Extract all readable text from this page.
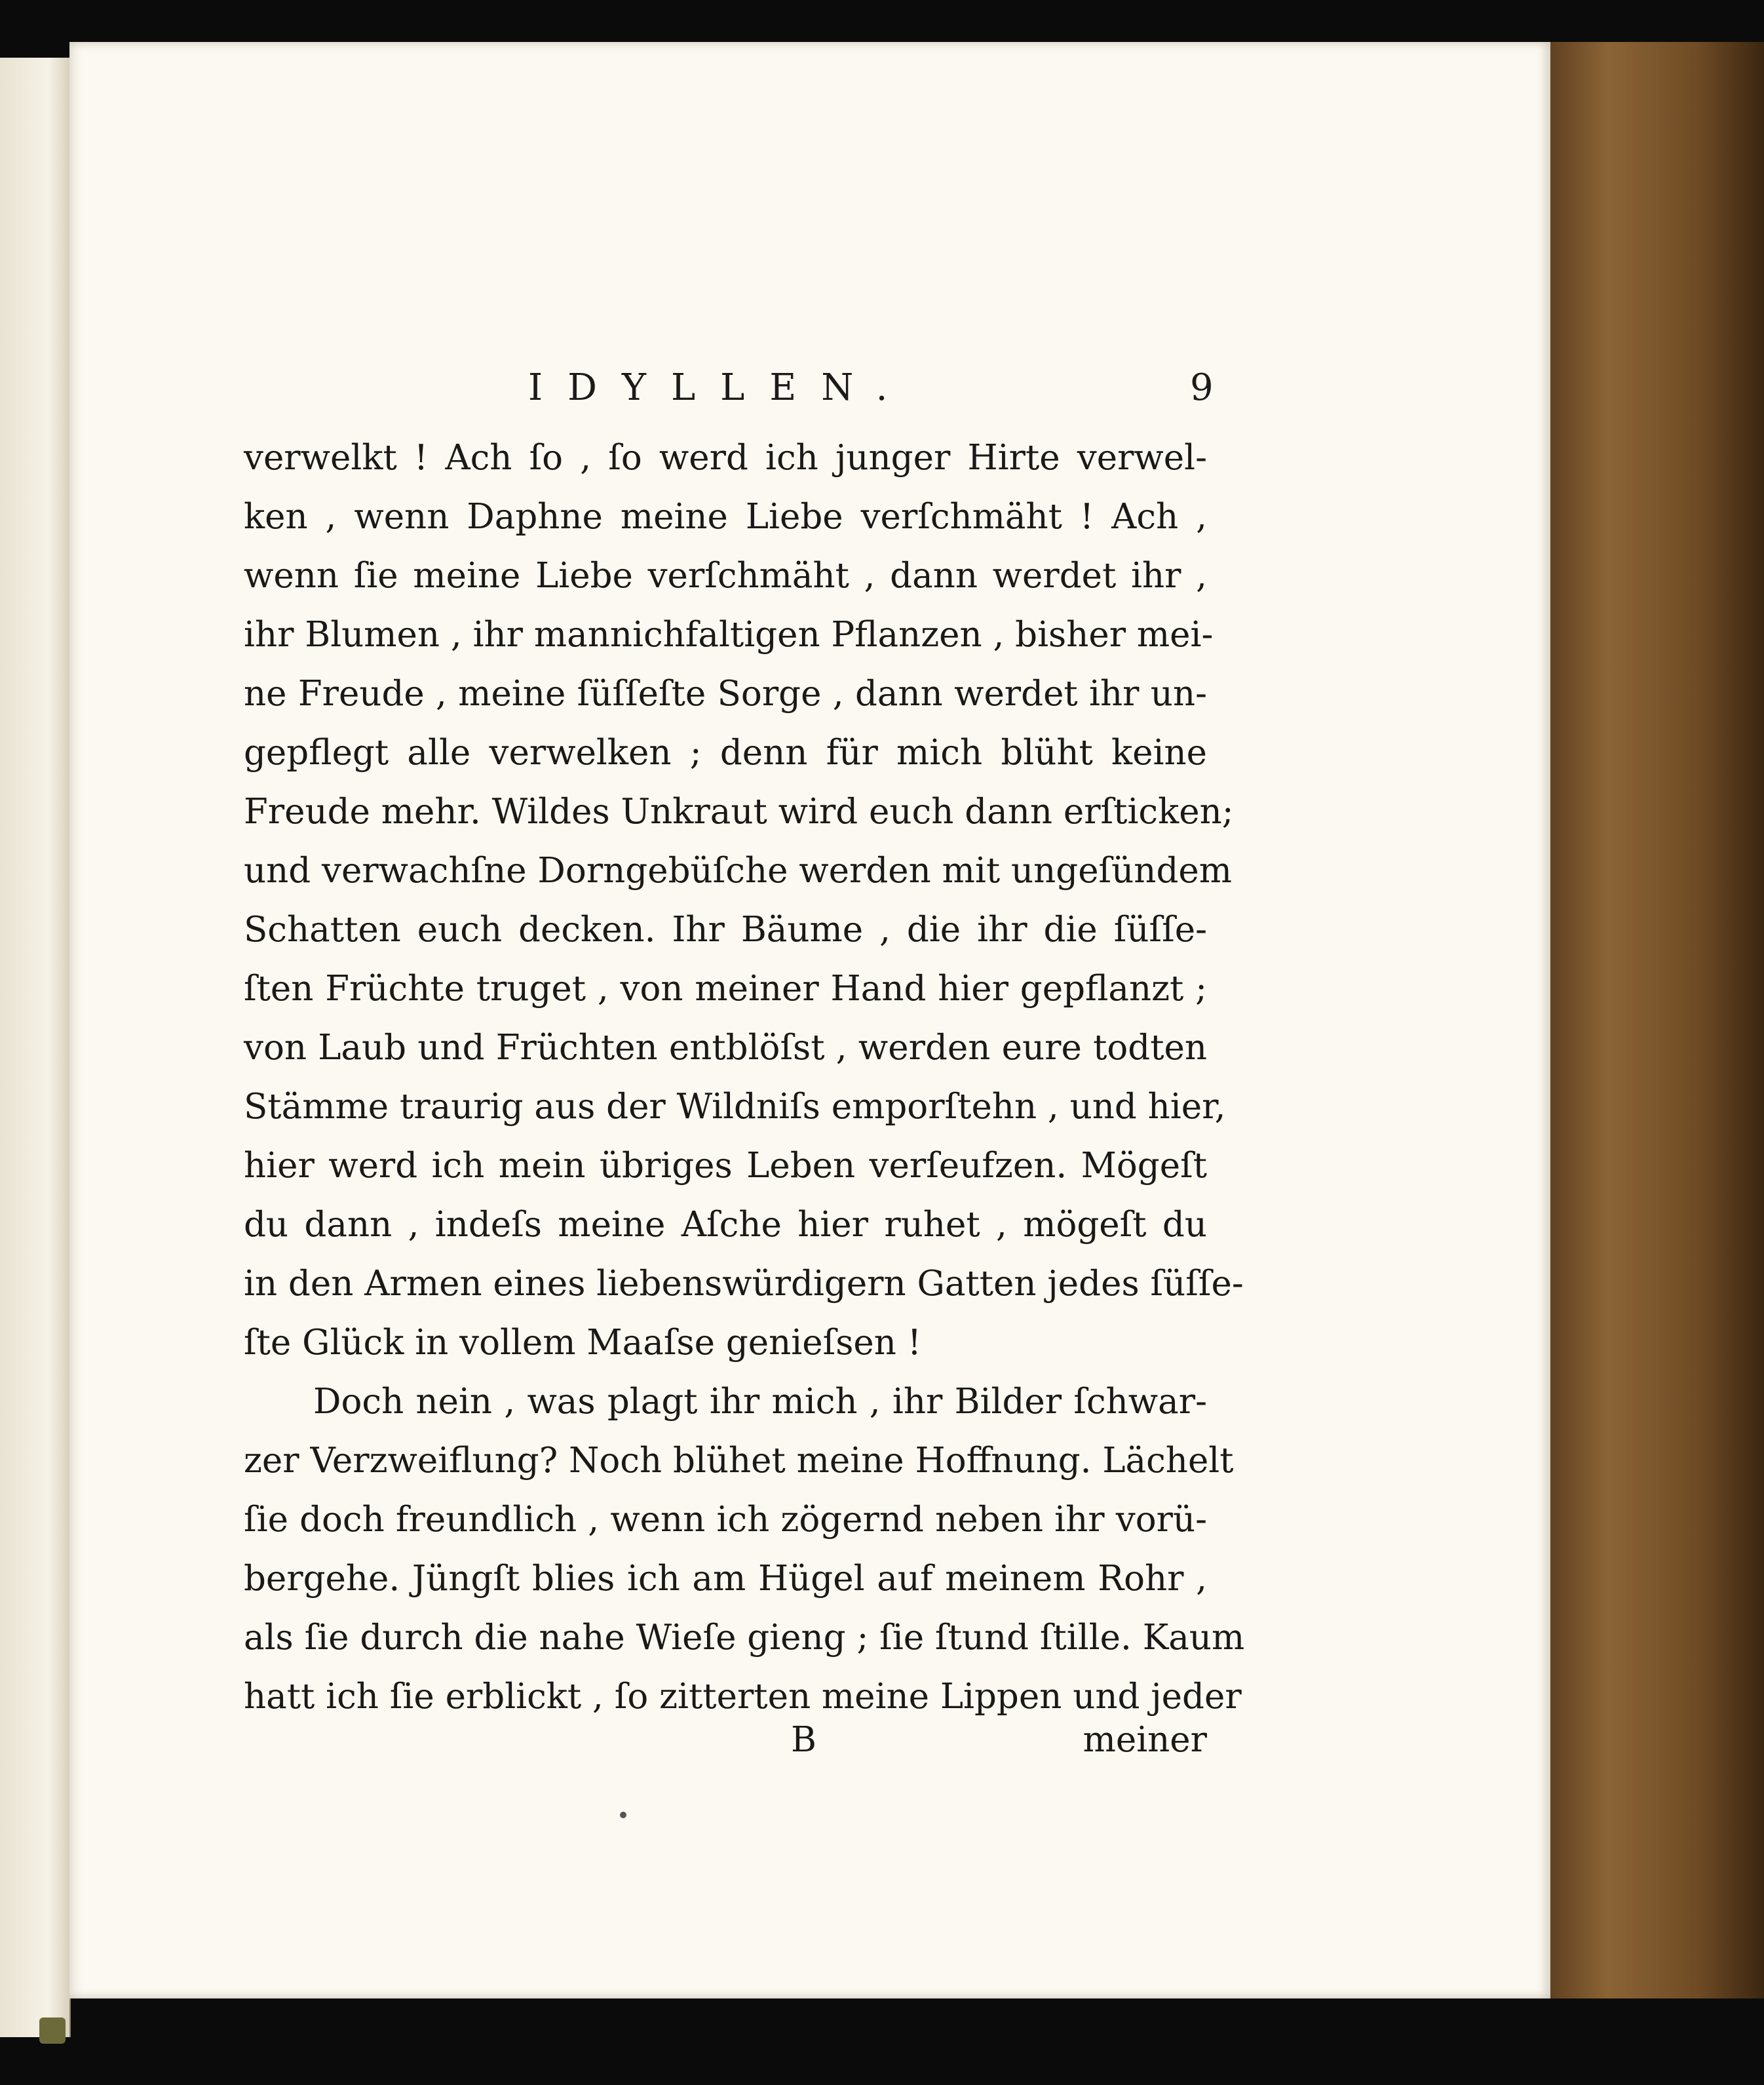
IDYLLEN.	9
verwelkt ! Ach ſo , ſo werd ich junger Hirte verwel-
ken , wenn Daphne meine Liebe verſchmäht ! Ach ,
wenn ſie meine Liebe verſchmäht , dann werdet ihr ,
ihr Blumen , ihr mannichfaltigen Pflanzen , bisher mei-
ne Freude , meine ſüſſeſte Sorge , dann werdet ihr un-
gepflegt alle verwelken ; denn für mich blüht keine
Freude mehr. Wildes Unkraut wird euch dann erſticken;
und verwachſne Dorngebüſche werden mit ungeſündem
Schatten euch decken. Ihr Bäume , die ihr die ſüſſe-
ſten Früchte truget , von meiner Hand hier gepflanzt ;
von Laub und Früchten entblöſst , werden eure todten
Stämme traurig aus der Wildniſs emporſtehn , und hier,
hier werd ich mein übriges Leben verſeufzen. Mögeſt
du dann , indeſs meine Aſche hier ruhet , mögeſt du
in den Armen eines liebenswürdigern Gatten jedes ſüſſe-
ſte Glück in vollem Maaſse genieſsen !
Doch nein , was plagt ihr mich , ihr Bilder ſchwar-
zer Verzweiflung? Noch blühet meine Hoffnung. Lächelt
ſie doch freundlich , wenn ich zögernd neben ihr vorü-
bergehe. Jüngſt blies ich am Hügel auf meinem Rohr ,
als ſie durch die nahe Wieſe gieng ; ſie ſtund ſtille. Kaum
hatt ich ſie erblickt , ſo zitterten meine Lippen und jeder
B	meiner
